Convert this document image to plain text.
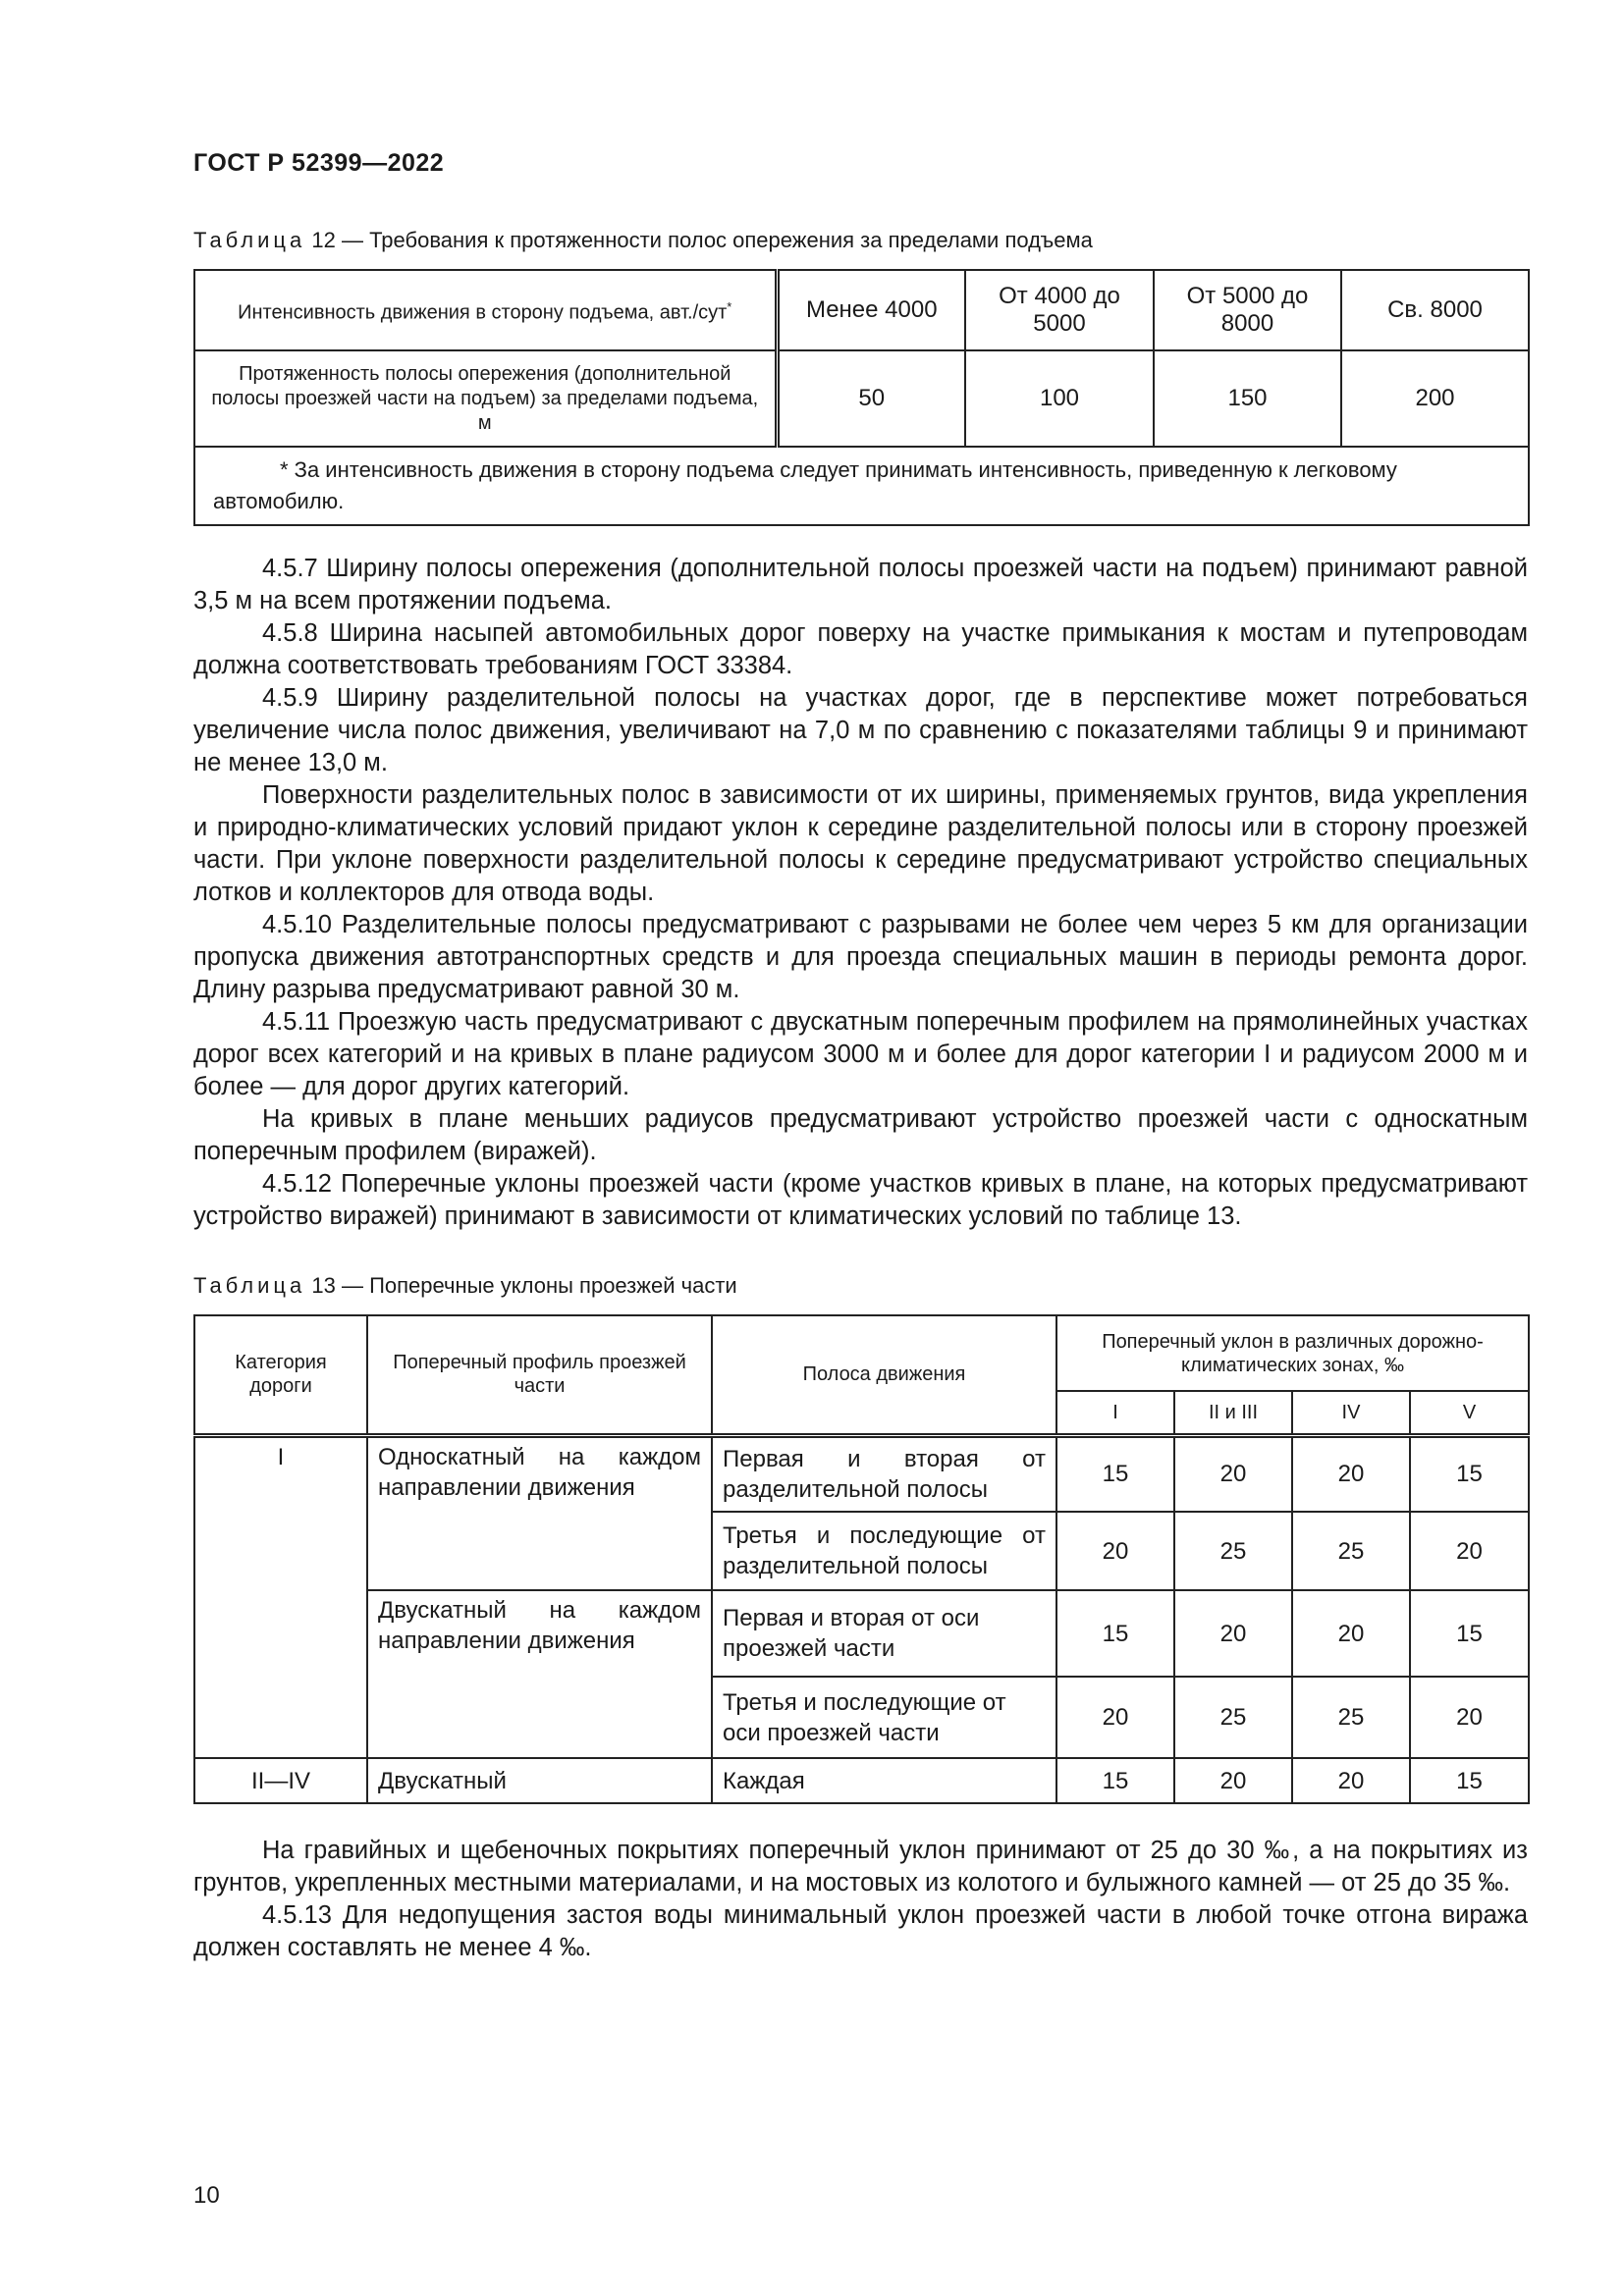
ГОСТ Р 52399—2022
Таблица 12 — Требования к протяженности полос опережения за пределами подъема
Интенсивность движения в сторону подъема, авт./сут*	Менее 4000	От 4000 до 5000	От 5000 до 8000	Св. 8000
Протяженность полосы опережения (дополнительной полосы проезжей части на подъем) за пределами подъема, м	50	100	150	200
* За интенсивность движения в сторону подъема следует принимать интенсивность, приведенную к легковому автомобилю.				

4.5.7 Ширину полосы опережения (дополнительной полосы проезжей части на подъем) принимают равной 3,5 м на всем протяжении подъема.

4.5.8 Ширина насыпей автомобильных дорог поверху на участке примыкания к мостам и путепроводам должна соответствовать требованиям ГОСТ 33384.

4.5.9 Ширину разделительной полосы на участках дорог, где в перспективе может потребоваться увеличение числа полос движения, увеличивают на 7,0 м по сравнению с показателями таблицы 9 и принимают не менее 13,0 м.

Поверхности разделительных полос в зависимости от их ширины, применяемых грунтов, вида укрепления и природно-климатических условий придают уклон к середине разделительной полосы или в сторону проезжей части. При уклоне поверхности разделительной полосы к середине предусматривают устройство специальных лотков и коллекторов для отвода воды.

4.5.10 Разделительные полосы предусматривают с разрывами не более чем через 5 км для организации пропуска движения автотранспортных средств и для проезда специальных машин в периоды ремонта дорог. Длину разрыва предусматривают равной 30 м.

4.5.11 Проезжую часть предусматривают с двускатным поперечным профилем на прямолинейных участках дорог всех категорий и на кривых в плане радиусом 3000 м и более для дорог категории I и радиусом 2000 м и более — для дорог других категорий.

На кривых в плане меньших радиусов предусматривают устройство проезжей части с односкатным поперечным профилем (виражей).

4.5.12 Поперечные уклоны проезжей части (кроме участков кривых в плане, на которых предусматривают устройство виражей) принимают в зависимости от климатических условий по таблице 13.

Таблица 13 — Поперечные уклоны проезжей части
Категория дороги	Поперечный профиль проезжей части	Полоса движения	Поперечный уклон в различных дорожно-климатических зонах, ‰			
			I	II и III	IV	V
I	Односкатный на каждом направлении движения	Первая и вторая от разделительной полосы	15	20	20	15
		Третья и последующие от разделительной полосы	20	25	25	20
	Двускатный на каждом направлении движения	Первая и вторая от оси проезжей части	15	20	20	15
		Третья и последующие от оси проезжей части	20	25	25	20
II—IV	Двускатный	Каждая	15	20	20	15

На гравийных и щебеночных покрытиях поперечный уклон принимают от 25 до 30 ‰, а на покрытиях из грунтов, укрепленных местными материалами, и на мостовых из колотого и булыжного камней — от 25 до 35 ‰.

4.5.13 Для недопущения застоя воды минимальный уклон проезжей части в любой точке отгона виража должен составлять не менее 4 ‰.

10
